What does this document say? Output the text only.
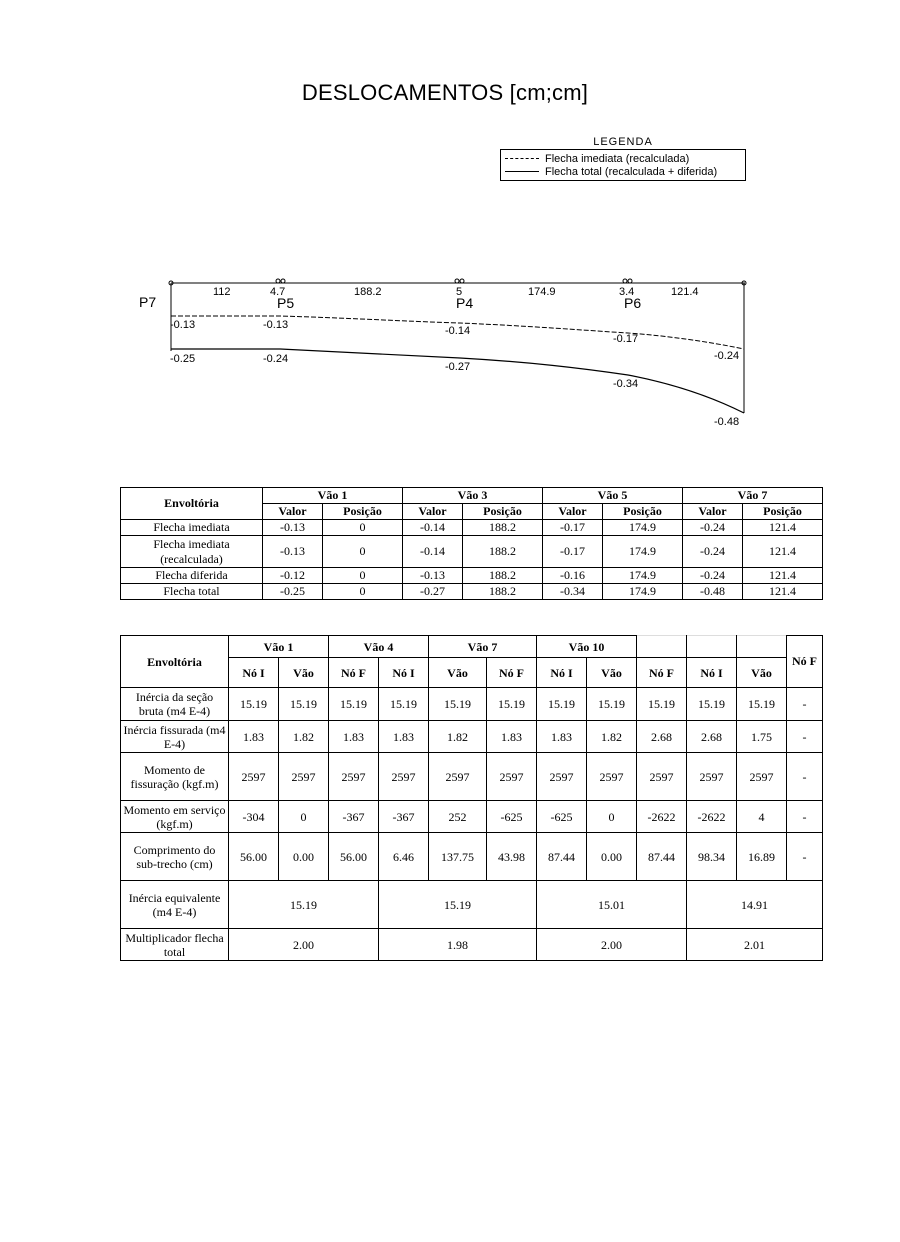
DESLOCAMENTOS [cm;cm]
LEGENDA
Flecha imediata (recalculada)
Flecha total (recalculada + diferida)
112	4.7	188.2	5	174.9	3.4	121.4
P7	P5	P4	P6
-0.13	-0.13	-0.14
-0.17
-0.24
-0.25	-0.24
-0.27
-0.34
-0.48
Envoltória	Vão 1		Vão 3		Vão 5		Vão 7	
	Valor	Posição	Valor	Posição	Valor	Posição	Valor	Posição
Flecha imediata	-0.13	0	-0.14	188.2	-0.17	174.9	-0.24	121.4
Flecha imediata (recalculada)	-0.13	0	-0.14	188.2	-0.17	174.9	-0.24	121.4
Flecha diferida	-0.12	0	-0.13	188.2	-0.16	174.9	-0.24	121.4
Flecha total	-0.25	0	-0.27	188.2	-0.34	174.9	-0.48	121.4
Envoltória	Vão 1		Vão 4		Vão 7		Vão 10					Nó F
	Nó I	Vão	Nó F	Nó I	Vão	Nó F	Nó I	Vão	Nó F	Nó I	Vão	
Inércia da seção bruta (m4 E-4)	15.19	15.19	15.19	15.19	15.19	15.19	15.19	15.19	15.19	15.19	15.19	-
Inércia fissurada (m4 E-4)	1.83	1.82	1.83	1.83	1.82	1.83	1.83	1.82	2.68	2.68	1.75	-
Momento de fissuração (kgf.m)	2597	2597	2597	2597	2597	2597	2597	2597	2597	2597	2597	-
Momento em serviço (kgf.m)	-304	0	-367	-367	252	-625	-625	0	-2622	-2622	4	-
Comprimento do sub-trecho (cm)	56.00	0.00	56.00	6.46	137.75	43.98	87.44	0.00	87.44	98.34	16.89	-
Inércia equivalente (m4 E-4)	15.19			15.19			15.01			14.91		
Multiplicador flecha total	2.00			1.98			2.00			2.01		
